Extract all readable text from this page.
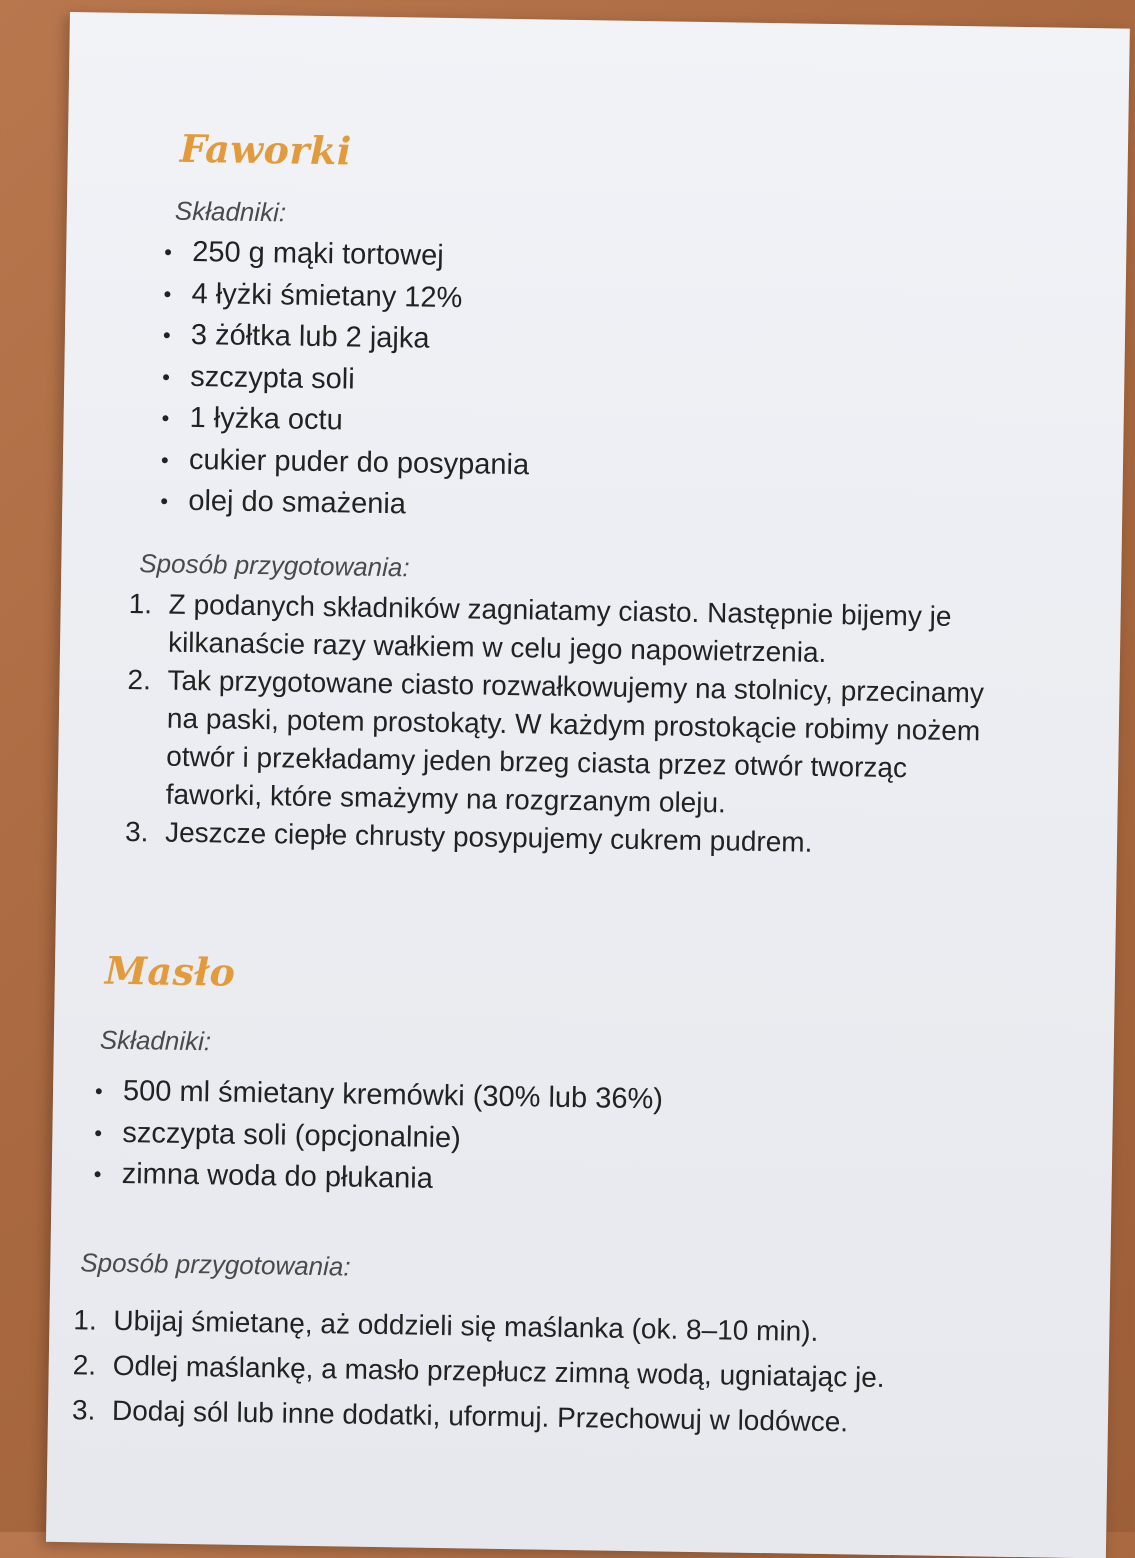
Faworki

Składniki:

• 250 g mąki tortowej
• 4 łyżki śmietany 12%
• 3 żółtka lub 2 jajka
• szczypta soli
• 1 łyżka octu
• cukier puder do posypania
• olej do smażenia

Sposób przygotowania:

1. Z podanych składników zagniatamy ciasto. Następnie bijemy je kilkanaście razy wałkiem w celu jego napowietrzenia.
2. Tak przygotowane ciasto rozwałkowujemy na stolnicy, przecinamy na paski, potem prostokąty. W każdym prostokącie robimy nożem otwór i przekładamy jeden brzeg ciasta przez otwór tworząc faworki, które smażymy na rozgrzanym oleju.
3. Jeszcze ciepłe chrusty posypujemy cukrem pudrem.
Masło

Składniki:

• 500 ml śmietany kremówki (30% lub 36%)
• szczypta soli (opcjonalnie)
• zimna woda do płukania

Sposób przygotowania:

1. Ubijaj śmietanę, aż oddzieli się maślanka (ok. 8–10 min).
2. Odlej maślankę, a masło przepłucz zimną wodą, ugniatając je.
3. Dodaj sól lub inne dodatki, uformuj. Przechowuj w lodówce.
